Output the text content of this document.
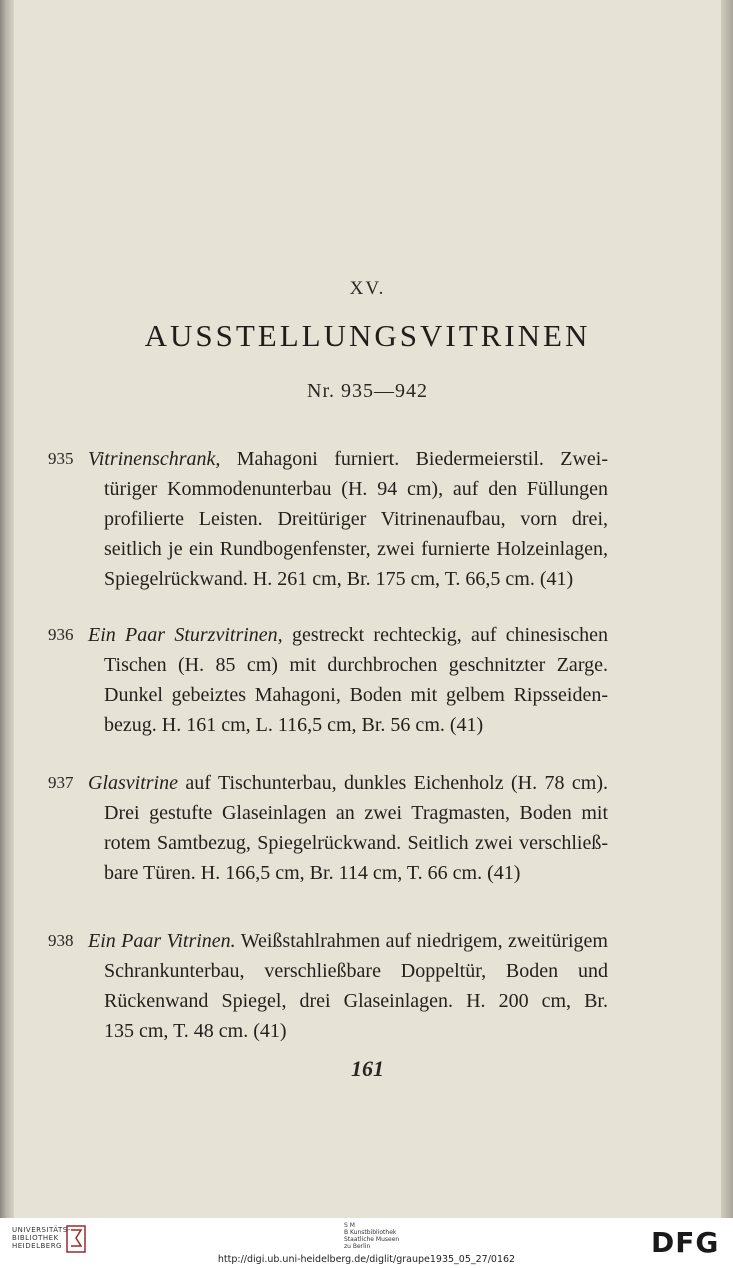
XV.
AUSSTELLUNGSVITRINEN
Nr. 935—942
935 Vitrinenschrank, Mahagoni furniert. Biedermeierstil. Zwei-
türiger Kommodenunterbau (H. 94 cm), auf den Füllungen
profilierte Leisten. Dreitüriger Vitrinenaufbau, vorn drei,
seitlich je ein Rundbogenfenster, zwei furnierte Holzeinlagen,
Spiegelrückwand. H. 261 cm, Br. 175 cm, T. 66,5 cm. (41)
936 Ein Paar Sturzvitrinen, gestreckt rechteckig, auf chinesischen
Tischen (H. 85 cm) mit durchbrochen geschnitzter Zarge.
Dunkel gebeiztes Mahagoni, Boden mit gelbem Ripsseiden-
bezug. H. 161 cm, L. 116,5 cm, Br. 56 cm. (41)
937 Glasvitrine auf Tischunterbau, dunkles Eichenholz (H. 78 cm).
Drei gestufte Glaseinlagen an zwei Tragmasten, Boden mit
rotem Samtbezug, Spiegelrückwand. Seitlich zwei verschließ-
bare Türen. H. 166,5 cm, Br. 114 cm, T. 66 cm. (41)
938 Ein Paar Vitrinen. Weißstahlrahmen auf niedrigem, zweitürigem
Schrankunterbau, verschließbare Doppeltür, Boden und
Rückenwand Spiegel, drei Glaseinlagen. H. 200 cm, Br.
135 cm, T. 48 cm. (41)
161
UNIVERSITÄTS-
BIBLIOTHEK
HEIDELBERG
S M
B Kunstbibliothek
Staatliche Museen
zu Berlin	DFG
http://digi.ub.uni-heidelberg.de/diglit/graupe1935_05_27/0162
